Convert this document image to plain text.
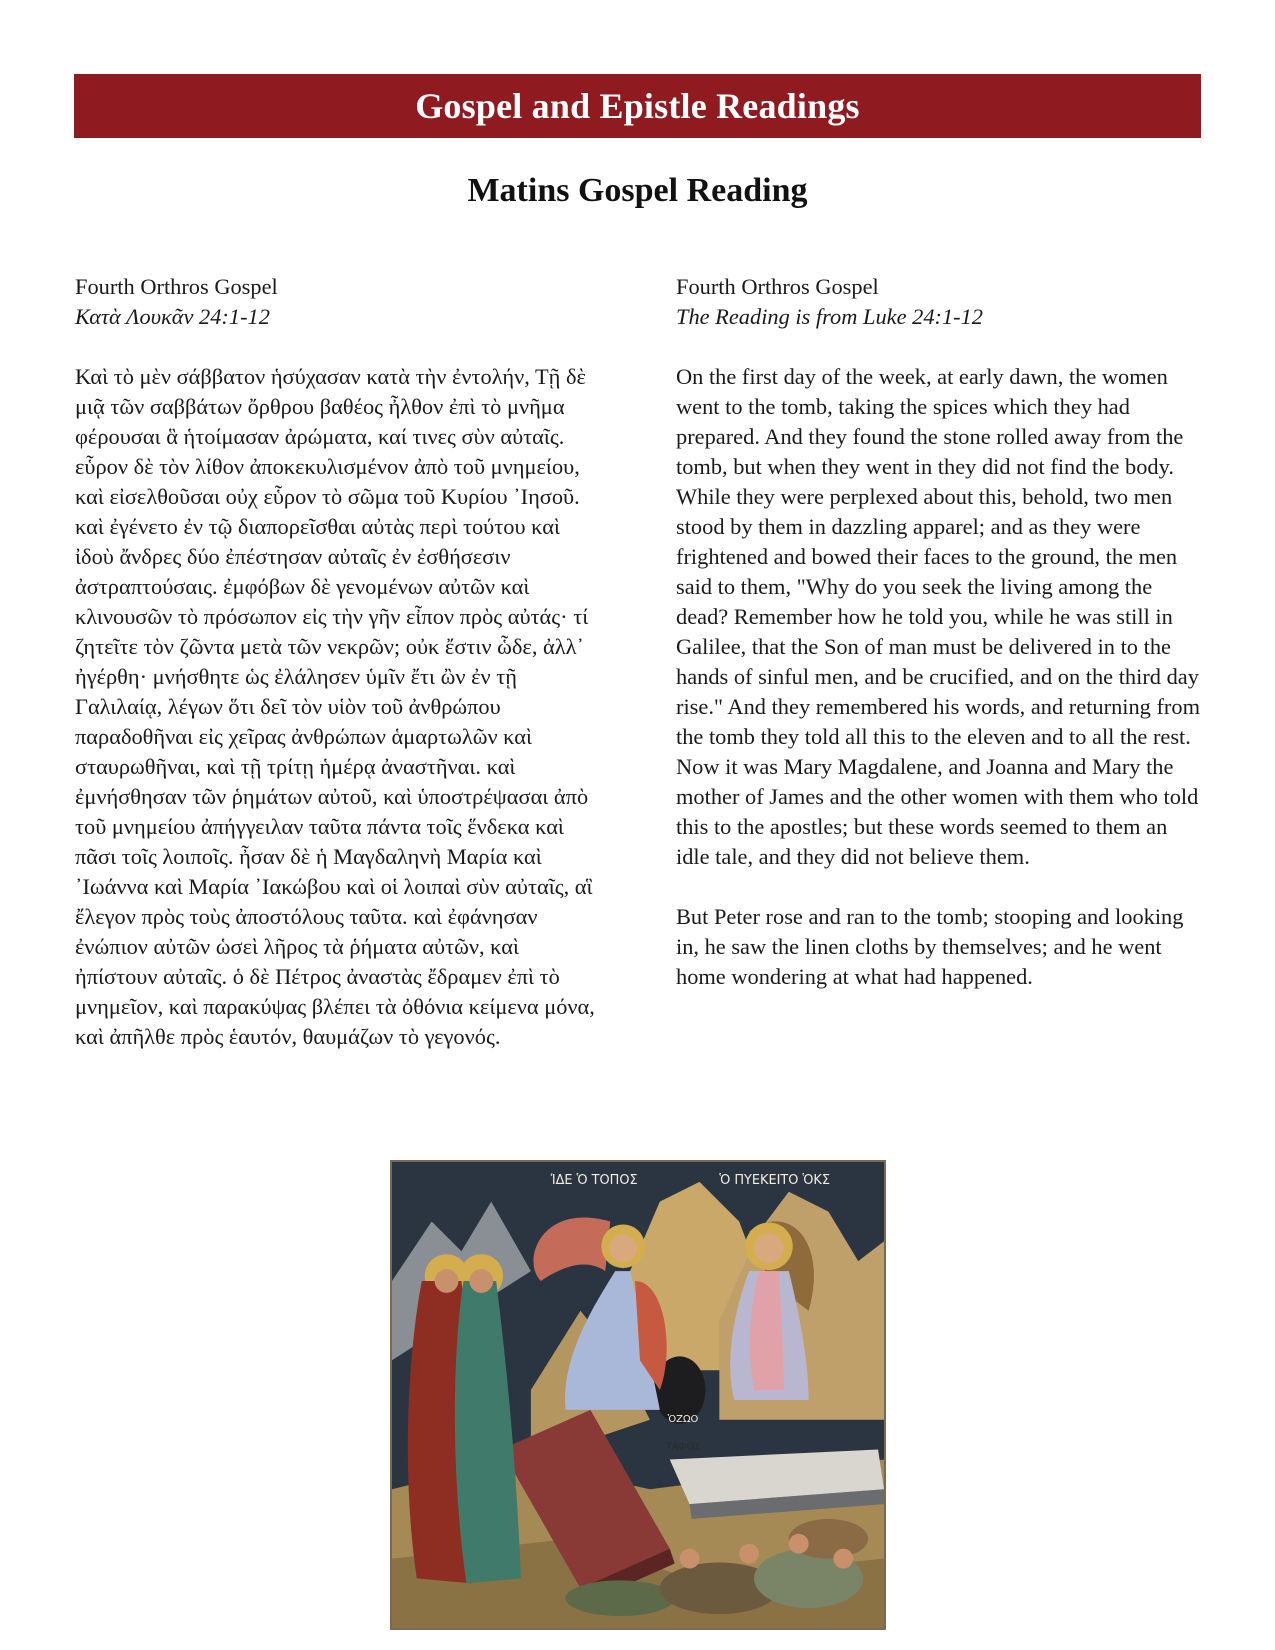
Gospel and Epistle Readings
Matins Gospel Reading

Fourth Orthros Gospel

Κατὰ Λουκᾶν 24:1-12

Καὶ τὸ μὲν σάββατον ἡσύχασαν κατὰ τὴν ἐντολήν, Τῇ δὲ μιᾷ τῶν σαββάτων ὄρθρου βαθέος ἦλθον ἐπὶ τὸ μνῆμα φέρουσαι ἃ ἡτοίμασαν ἀρώματα, καί τινες σὺν αὐταῖς. εὗρον δὲ τὸν λίθον ἀποκεκυλισμένον ἀπὸ τοῦ μνημείου, καὶ εἰσελθοῦσαι οὐχ εὗρον τὸ σῶμα τοῦ Κυρίου ᾿Ιησοῦ. καὶ ἐγένετο ἐν τῷ διαπορεῖσθαι αὐτὰς περὶ τούτου καὶ ἰδοὺ ἄνδρες δύο ἐπέστησαν αὐταῖς ἐν ἐσθήσεσιν ἀστραπτούσαις. ἐμφόβων δὲ γενομένων αὐτῶν καὶ κλινουσῶν τὸ πρόσωπον εἰς τὴν γῆν εἶπον πρὸς αὐτάς· τί ζητεῖτε τὸν ζῶντα μετὰ τῶν νεκρῶν; οὐκ ἔστιν ὧδε, ἀλλ᾿ ἠγέρθη· μνήσθητε ὡς ἐλάλησεν ὑμῖν ἔτι ὢν ἐν τῇ Γαλιλαίᾳ, λέγων ὅτι δεῖ τὸν υἱὸν τοῦ ἀνθρώπου παραδοθῆναι εἰς χεῖρας ἀνθρώπων ἁμαρτωλῶν καὶ σταυρωθῆναι, καὶ τῇ τρίτῃ ἡμέρᾳ ἀναστῆναι. καὶ ἐμνήσθησαν τῶν ῥημάτων αὐτοῦ, καὶ ὑποστρέψασαι ἀπὸ τοῦ μνημείου ἀπήγγειλαν ταῦτα πάντα τοῖς ἕνδεκα καὶ πᾶσι τοῖς λοιποῖς. ἦσαν δὲ ἡ Μαγδαληνὴ Μαρία καὶ ᾿Ιωάννα καὶ Μαρία ᾿Ιακώβου καὶ οἱ λοιπαὶ σὺν αὐταῖς, αἳ ἔλεγον πρὸς τοὺς ἀποστόλους ταῦτα. καὶ ἐφάνησαν ἐνώπιον αὐτῶν ὡσεὶ λῆρος τὰ ῥήματα αὐτῶν, καὶ ἠπίστουν αὐταῖς. ὁ δὲ Πέτρος ἀναστὰς ἔδραμεν ἐπὶ τὸ μνημεῖον, καὶ παρακύψας βλέπει τὰ ὀθόνια κείμενα μόνα, καὶ ἀπῆλθε πρὸς ἑαυτόν, θαυμάζων τὸ γεγονός.

Fourth Orthros Gospel

The Reading is from Luke 24:1-12

On the first day of the week, at early dawn, the women went to the tomb, taking the spices which they had prepared. And they found the stone rolled away from the tomb, but when they went in they did not find the body. While they were perplexed about this, behold, two men stood by them in dazzling apparel; and as they were frightened and bowed their faces to the ground, the men said to them, "Why do you seek the living among the dead? Remember how he told you, while he was still in Galilee, that the Son of man must be delivered in to the hands of sinful men, and be crucified, and on the third day rise." And they remembered his words, and returning from the tomb they told all this to the eleven and to all the rest. Now it was Mary Magdalene, and Joanna and Mary the mother of James and the other women with them who told this to the apostles; but these words seemed to them an idle tale, and they did not believe them.

But Peter rose and ran to the tomb; stooping and looking in, he saw the linen cloths by themselves; and he went home wondering at what had happened.

ἸΔΕ Ὁ ΤΟΠΟΣ	Ὁ ΠΥΕΚΕΙΤΟ ὉΚΣ
ὉΖΩΟ
ΤΑΦΟΣ
